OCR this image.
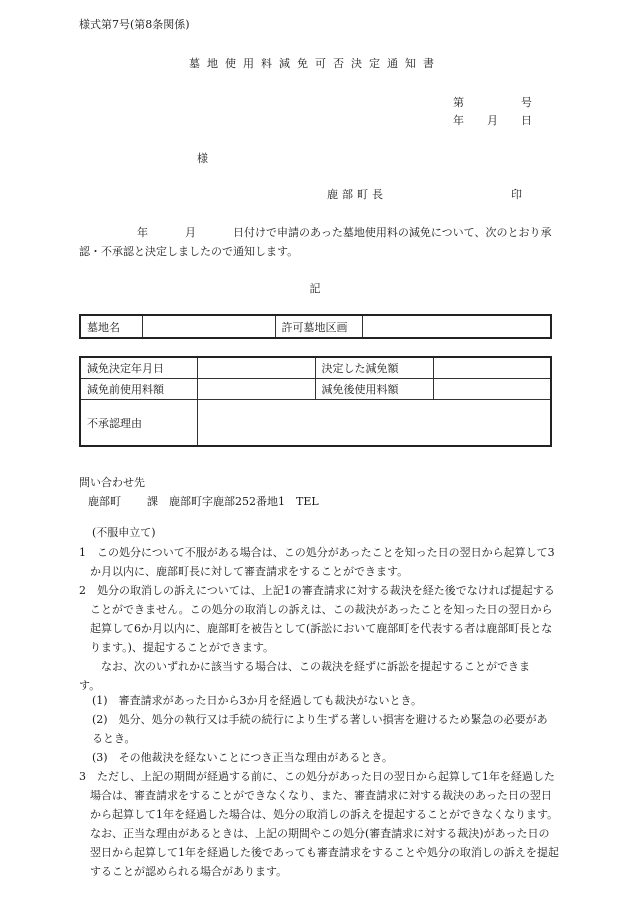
様式第7号(第8条関係)
墓地使用料減免可否決定通知書
第	号
年 月 日
様
鹿部町長	印
年	月	日付けで申請のあった墓地使用料の減免について、次のとおり承認・不承認と決定しましたので通知します。
記
墓地名		許可墓地区画	
減免決定年月日		決定した減免額	
減免前使用料額		減免後使用料額	
不承認理由			
問い合わせ先
鹿部町 課　 鹿部町字鹿部252番地1　 TEL
(不服申立て)
1　この処分について不服がある場合は、この処分があったことを知った日の翌日から起算して3か月以内に、鹿部町長に対して審査請求をすることができます。
2　処分の取消しの訴えについては、上記1の審査請求に対する裁決を経た後でなければ提起することができません。この処分の取消しの訴えは、この裁決があったことを知った日の翌日から起算して6か月以内に、鹿部町を被告として(訴訟において鹿部町を代表する者は鹿部町長となります。)、提起することができます。
なお、次のいずれかに該当する場合は、この裁決を経ずに訴訟を提起することができます。
(1)　審査請求があった日から3か月を経過しても裁決がないとき。
(2)　処分、処分の執行又は手続の続行により生ずる著しい損害を避けるため緊急の必要があるとき。
(3)　その他裁決を経ないことにつき正当な理由があるとき。
3　ただし、上記の期間が経過する前に、この処分があった日の翌日から起算して1年を経過した場合は、審査請求をすることができなくなり、また、審査請求に対する裁決のあった日の翌日から起算して1年を経過した場合は、処分の取消しの訴えを提起することができなくなります。なお、正当な理由があるときは、上記の期間やこの処分(審査請求に対する裁決)があった日の翌日から起算して1年を経過した後であっても審査請求をすることや処分の取消しの訴えを提起することが認められる場合があります。
